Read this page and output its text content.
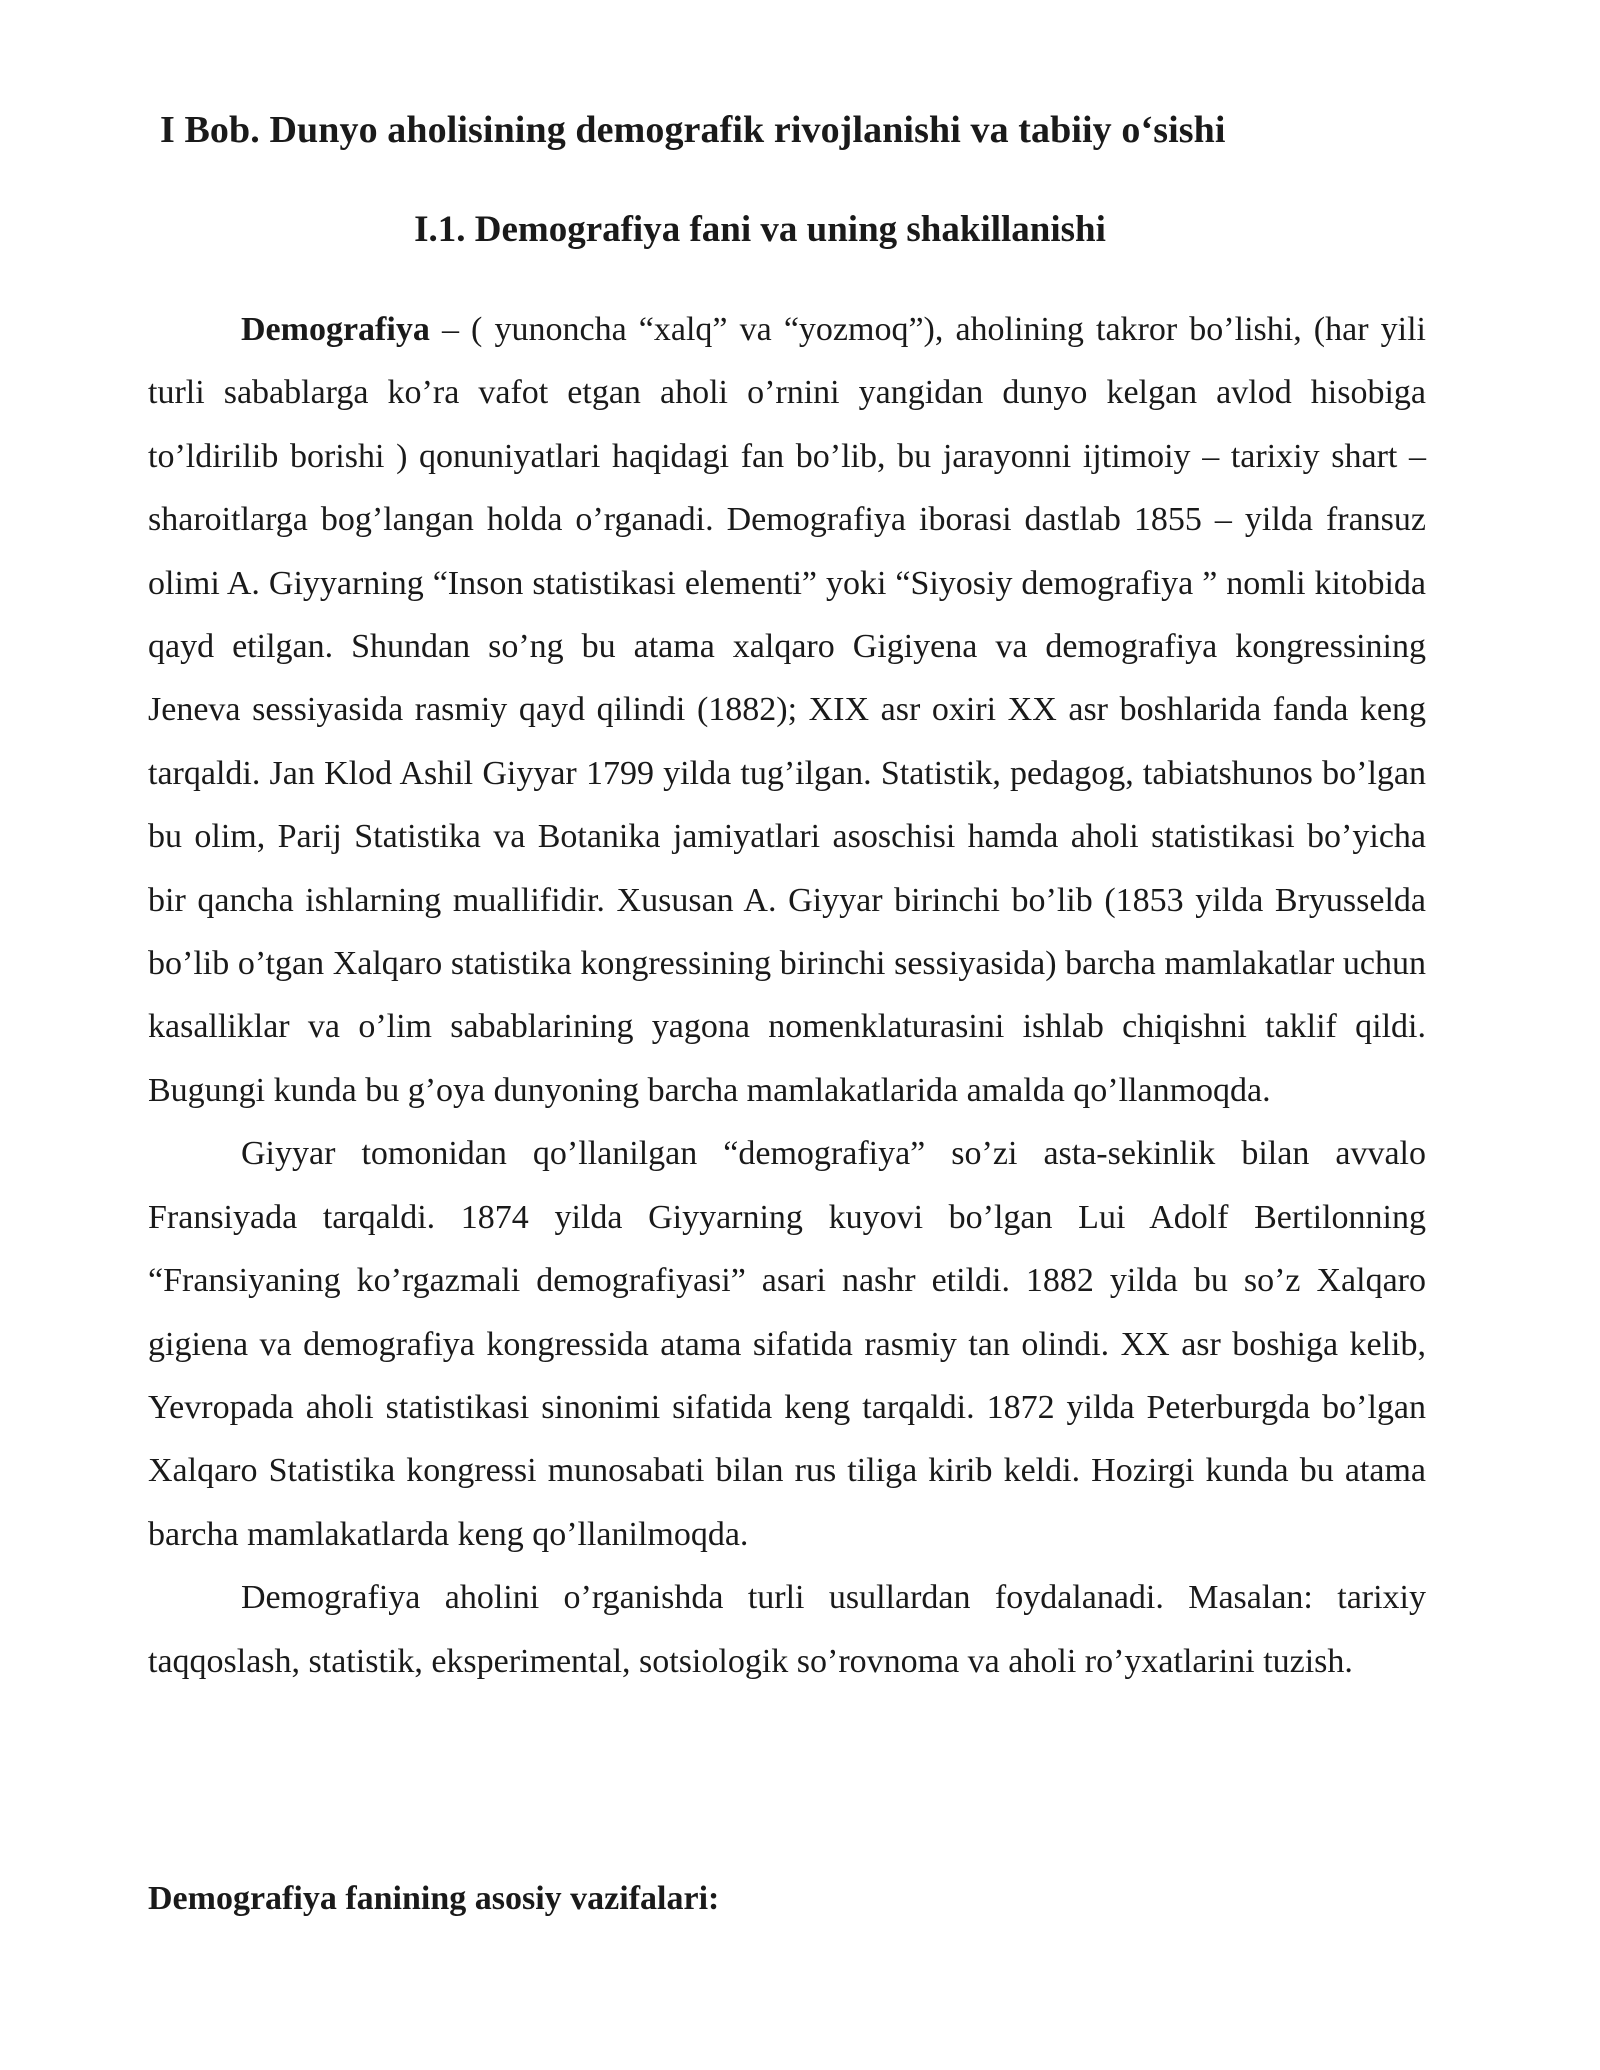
I Bob. Dunyo aholisining demografik rivojlanishi va tabiiy o‘sishi
I.1. Demografiya fani va uning shakillanishi

Demografiya – ( yunoncha “xalq” va “yozmoq”), aholining takror bo’lishi, (har yili turli sabablarga ko’ra vafot etgan aholi o’rnini yangidan dunyo kelgan avlod hisobiga to’ldirilib borishi ) qonuniyatlari haqidagi fan bo’lib, bu jarayonni ijtimoiy – tarixiy shart – sharoitlarga bog’langan holda o’rganadi. Demografiya iborasi dastlab 1855 – yilda fransuz olimi A. Giyyarning “Inson statistikasi elementi” yoki “Siyosiy demografiya ” nomli kitobida qayd etilgan. Shundan so’ng bu atama xalqaro Gigiyena va demografiya kongressining Jeneva sessiyasida rasmiy qayd qilindi (1882); XIX asr oxiri XX asr boshlarida fanda keng tarqaldi. Jan Klod Ashil Giyyar 1799 yilda tug’ilgan. Statistik, pedagog, tabiatshunos bo’lgan bu olim, Parij Statistika va Botanika jamiyatlari asoschisi hamda aholi statistikasi bo’yicha bir qancha ishlarning muallifidir. Xususan A. Giyyar birinchi bo’lib (1853 yilda Bryusselda bo’lib o’tgan Xalqaro statistika kongressining birinchi sessiyasida) barcha mamlakatlar uchun kasalliklar va o’lim sabablarining yagona nomenklaturasini ishlab chiqishni taklif qildi. Bugungi kunda bu g’oya dunyoning barcha mamlakatlarida amalda qo’llanmoqda.

Giyyar tomonidan qo’llanilgan “demografiya” so’zi asta-sekinlik bilan avvalo Fransiyada tarqaldi. 1874 yilda Giyyarning kuyovi bo’lgan Lui Adolf Bertilonning “Fransiyaning ko’rgazmali demografiyasi” asari nashr etildi. 1882 yilda bu so’z Xalqaro gigiena va demografiya kongressida atama sifatida rasmiy tan olindi. XX asr boshiga kelib, Yevropada aholi statistikasi sinonimi sifatida keng tarqaldi. 1872 yilda Peterburgda bo’lgan Xalqaro Statistika kongressi munosabati bilan rus tiliga kirib keldi. Hozirgi kunda bu atama barcha mamlakatlarda keng qo’llanilmoqda.

Demografiya aholini o’rganishda turli usullardan foydalanadi. Masalan: tarixiy taqqoslash, statistik, eksperimental, sotsiologik so’rovnoma va aholi ro’yxatlarini tuzish.

Demografiya fanining asosiy vazifalari:
